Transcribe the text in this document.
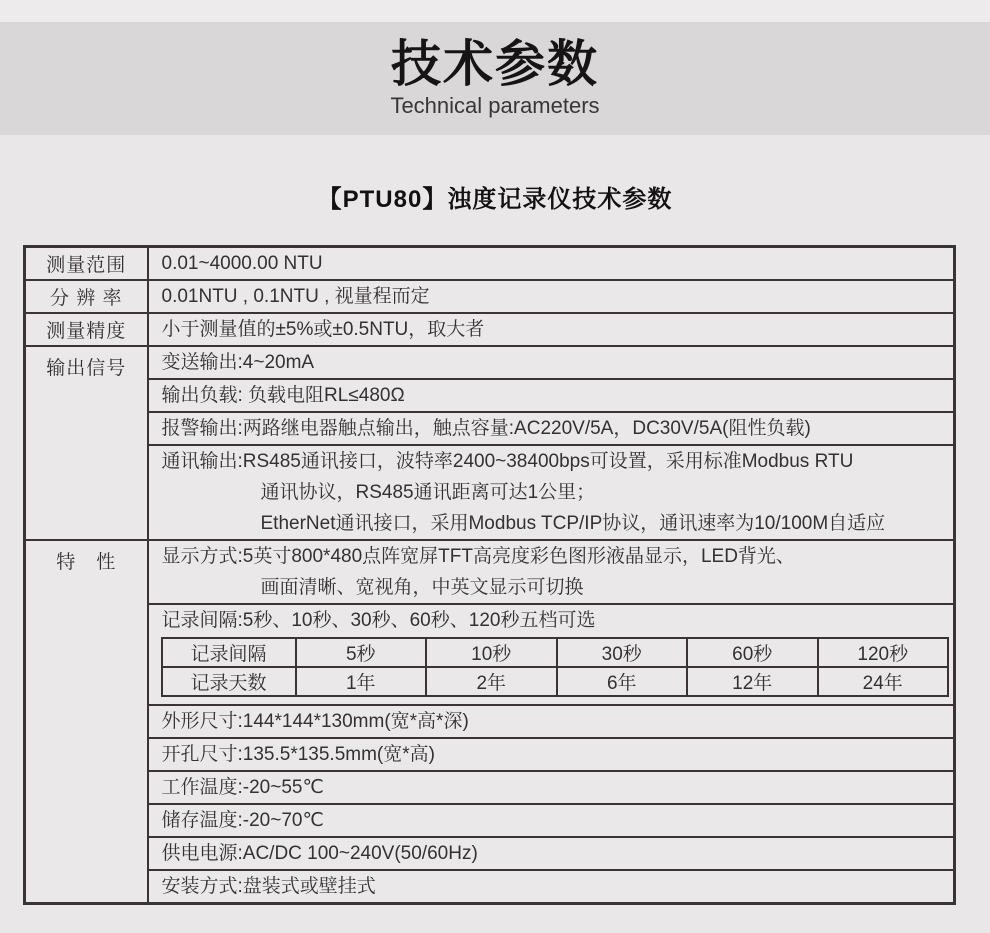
技术参数
Technical parameters
【PTU80】浊度记录仪技术参数
测量范围	0.01~4000.00 NTU

分 辨 率	0.01NTU , 0.1NTU , 视量程而定

测量精度	小于测量值的±5%或±0.5NTU，取大者

输出信号	变送输出:4~20mA

输出负载: 负载电阻RL≤480Ω

报警输出:两路继电器触点输出，触点容量:AC220V/5A，DC30V/5A(阻性负载)

通讯输出:RS485通讯接口，波特率2400~38400bps可设置，采用标准Modbus RTU
通讯协议，RS485通讯距离可达1公里；
EtherNet通讯接口，采用Modbus TCP/IP协议，通讯速率为10/100M自适应

特　性	显示方式:5英寸800*480点阵宽屏TFT高亮度彩色图形液晶显示，LED背光、
画面清晰、宽视角，中英文显示可切换

记录间隔:5秒、10秒、30秒、60秒、120秒五档可选
记录间隔	5秒	10秒	30秒	60秒	120秒
记录天数	1年	2年	6年	12年	24年

外形尺寸:144*144*130mm(宽*高*深)

开孔尺寸:135.5*135.5mm(宽*高)

工作温度:-20~55℃

储存温度:-20~70℃

供电电源:AC/DC 100~240V(50/60Hz)

安装方式:盘装式或壁挂式
